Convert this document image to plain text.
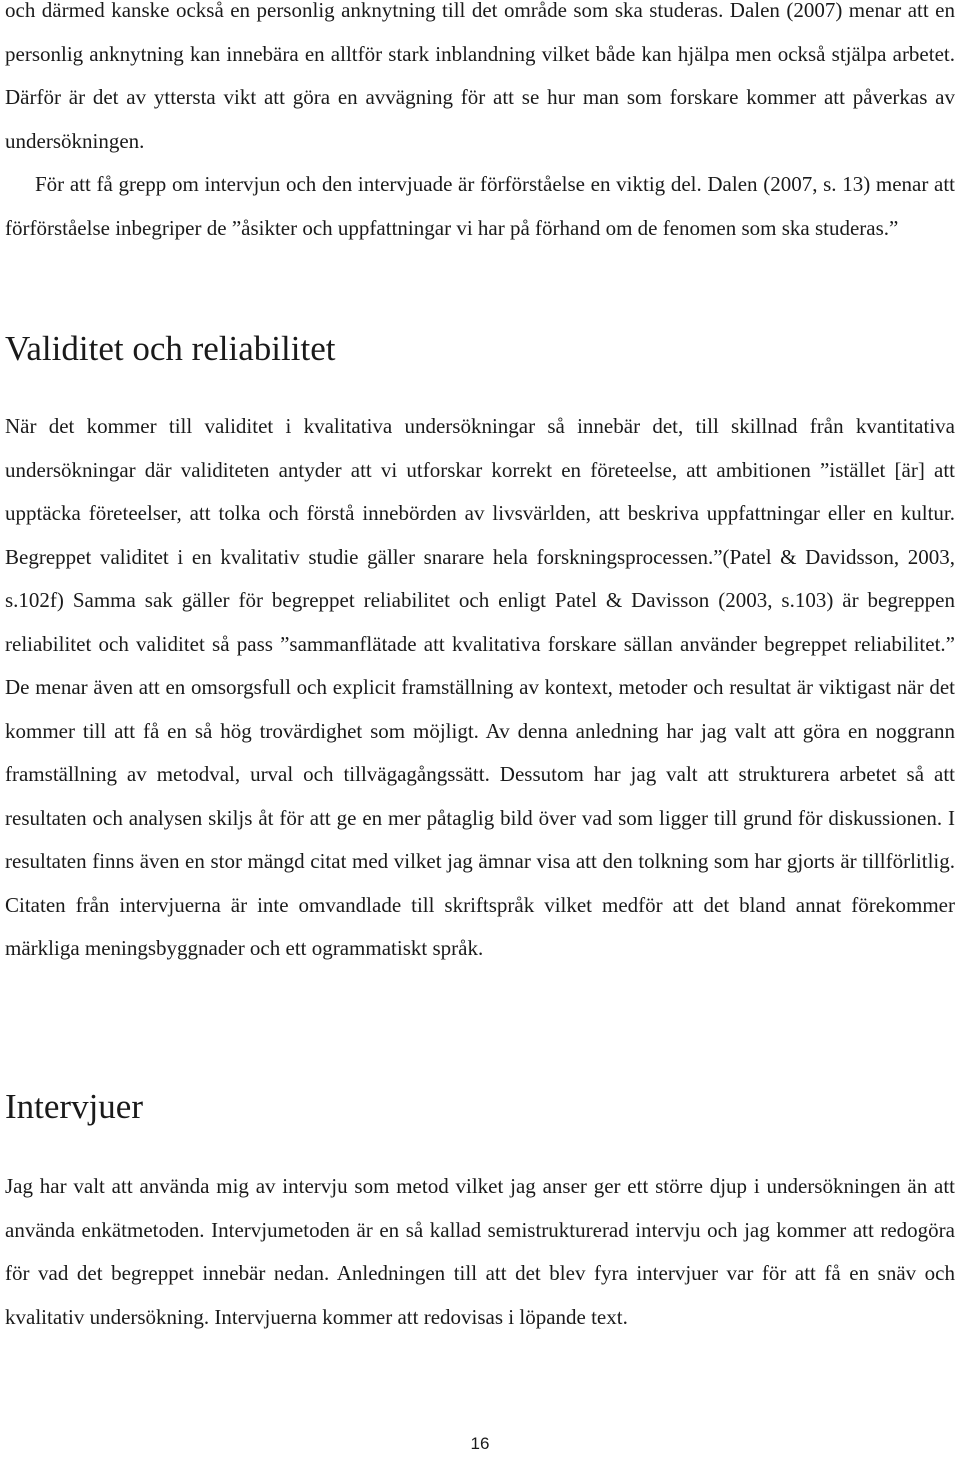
och därmed kanske också en personlig anknytning till det område som ska studeras. Dalen (2007) menar att en personlig anknytning kan innebära en alltför stark inblandning vilket både kan hjälpa men också stjälpa arbetet. Därför är det av yttersta vikt att göra en avvägning för att se hur man som forskare kommer att påverkas av undersökningen.

För att få grepp om intervjun och den intervjuade är förförståelse en viktig del. Dalen (2007, s. 13) menar att förförståelse inbegriper de ”åsikter och uppfattningar vi har på förhand om de fenomen som ska studeras.”

Validitet och reliabilitet

När det kommer till validitet i kvalitativa undersökningar så innebär det, till skillnad från kvantitativa undersökningar där validiteten antyder att vi utforskar korrekt en företeelse, att ambitionen ”istället [är] att upptäcka företeelser, att tolka och förstå innebörden av livsvärlden, att beskriva uppfattningar eller en kultur. Begreppet validitet i en kvalitativ studie gäller snarare hela forskningsprocessen.”(Patel & Davidsson, 2003, s.102f) Samma sak gäller för begreppet reliabilitet och enligt Patel & Davisson (2003, s.103) är begreppen reliabilitet och validitet så pass ”sammanflätade att kvalitativa forskare sällan använder begreppet reliabilitet.” De menar även att en omsorgsfull och explicit framställning av kontext, metoder och resultat är viktigast när det kommer till att få en så hög trovärdighet som möjligt. Av denna anledning har jag valt att göra en noggrann framställning av metodval, urval och tillvägagångssätt. Dessutom har jag valt att strukturera arbetet så att resultaten och analysen skiljs åt för att ge en mer påtaglig bild över vad som ligger till grund för diskussionen. I resultaten finns även en stor mängd citat med vilket jag ämnar visa att den tolkning som har gjorts är tillförlitlig. Citaten från intervjuerna är inte omvandlade till skriftspråk vilket medför att det bland annat förekommer märkliga meningsbyggnader och ett ogrammatiskt språk.

Intervjuer

Jag har valt att använda mig av intervju som metod vilket jag anser ger ett större djup i undersökningen än att använda enkätmetoden. Intervjumetoden är en så kallad semistrukturerad intervju och jag kommer att redogöra för vad det begreppet innebär nedan. Anledningen till att det blev fyra intervjuer var för att få en snäv och kvalitativ undersökning. Intervjuerna kommer att redovisas i löpande text.

16
